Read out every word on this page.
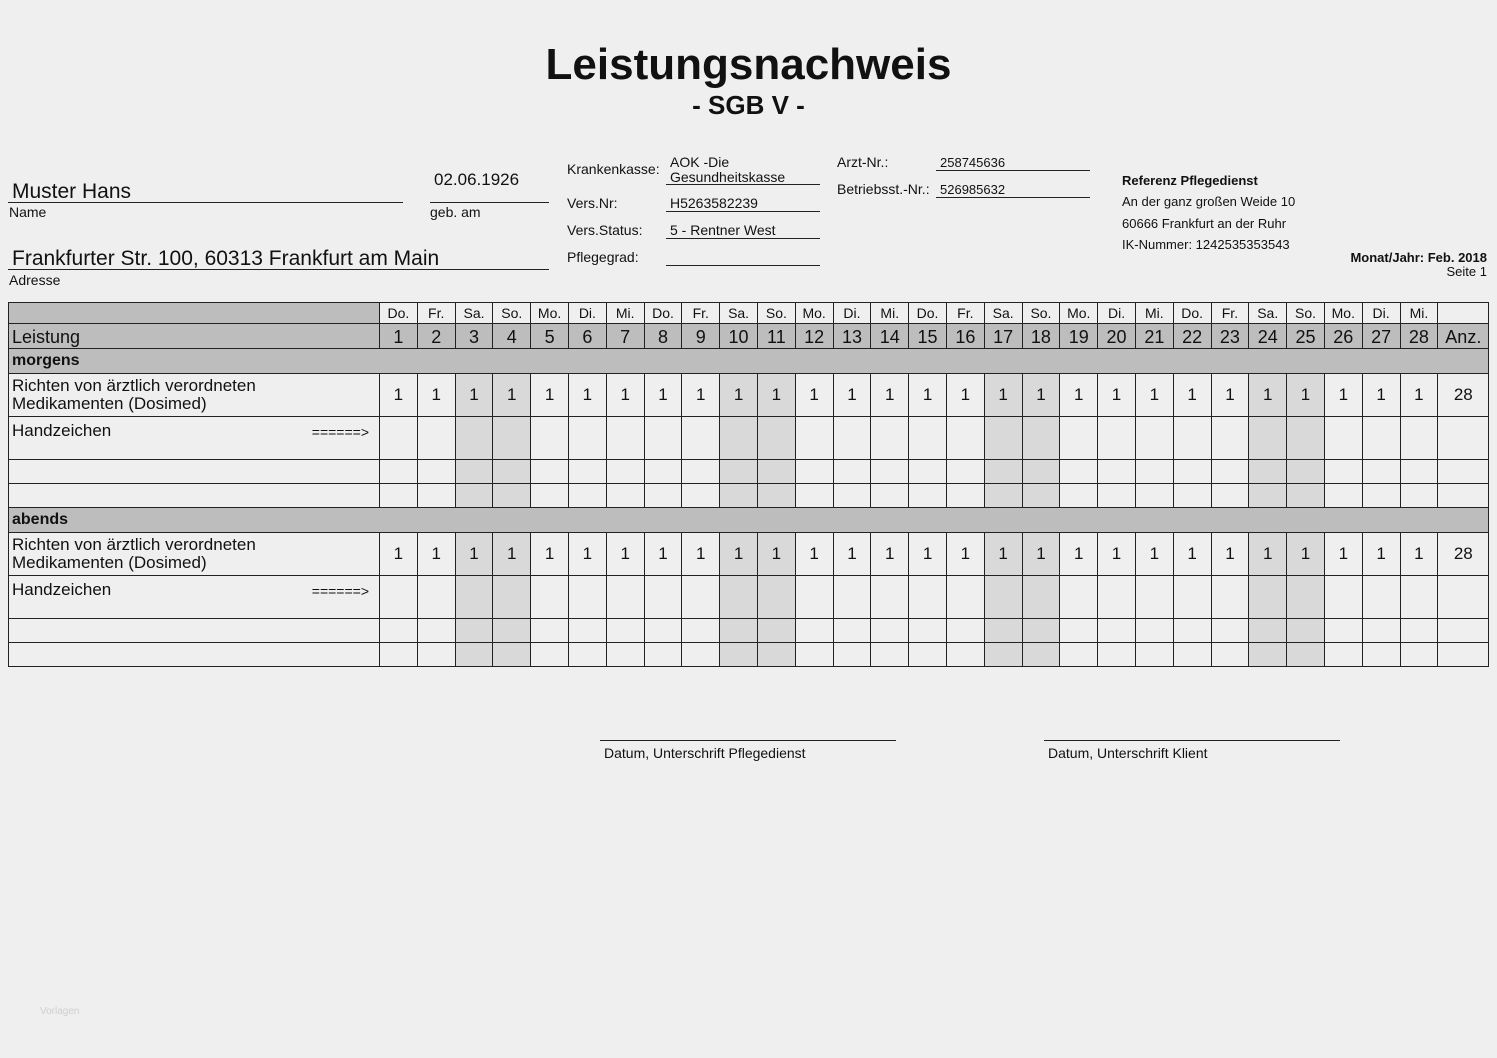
Leistungsnachweis
- SGB V -
Muster Hans
Name
02.06.1926
geb. am
Frankfurter Str. 100, 60313 Frankfurt am Main
Adresse
Krankenkasse: AOK -Die
Gesundheitskasse
Vers.Nr:	H5263582239
Vers.Status: 5 - Rentner West
Pflegegrad:
Arzt-Nr.:	258745636
Betriebsst.-Nr.: 526985632
Referenz Pflegedienst
An der ganz großen Weide 10
60666 Frankfurt an der Ruhr
IK-Nummer: 1242535353543
Monat/Jahr: Feb. 2018
Seite 1
	Do.	Fr.	Sa.	So.	Mo.	Di.	Mi.	Do.	Fr.	Sa.	So.	Mo.	Di.	Mi.	Do.	Fr.	Sa.	So.	Mo.	Di.	Mi.	Do.	Fr.	Sa.	So.	Mo.	Di.	Mi.	
Leistung	1	2	3	4	5	6	7	8	9	10	11	12	13	14	15	16	17	18	19	20	21	22	23	24	25	26	27	28	Anz.
morgens																													

Richten von ärztlich verordneten
Medikamenten (Dosimed)	1	1	1	1	1	1	1	1	1	1	1	1	1	1	1	1	1	1	1	1	1	1	1	1	1	1	1	1	28

Handzeichen ======>																													

abends																													

Richten von ärztlich verordneten
Medikamenten (Dosimed)	1	1	1	1	1	1	1	1	1	1	1	1	1	1	1	1	1	1	1	1	1	1	1	1	1	1	1	1	28

Handzeichen ======>																													

Datum, Unterschrift Pflegedienst	Datum, Unterschrift Klient
Vorlagen
